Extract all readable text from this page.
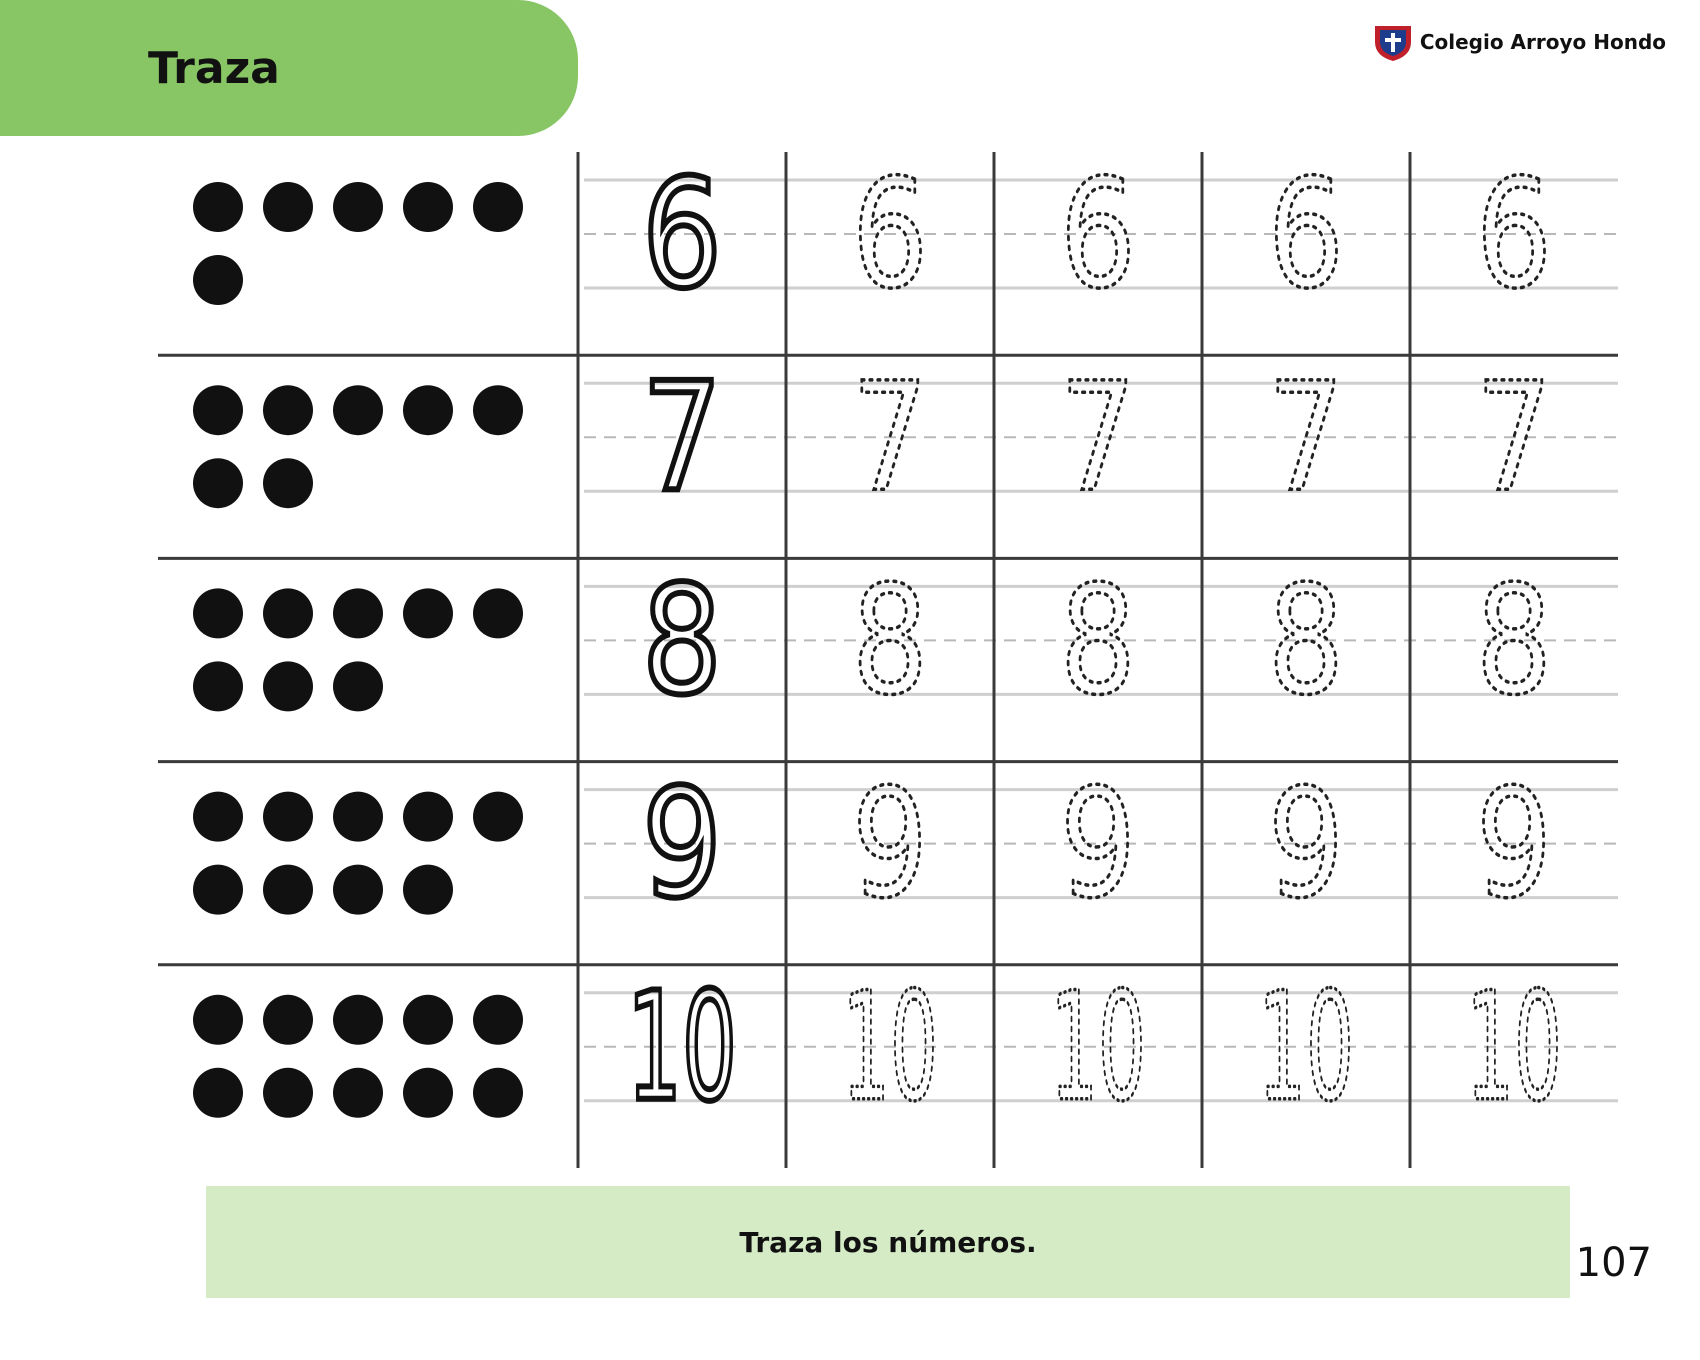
Traza
Colegio Arroyo Hondo
6 6 6 6 6
7 7 7 7 7
8 8 8 8 8
9 9 9 9 9
10 10 10 10 10
Traza los números.	107
